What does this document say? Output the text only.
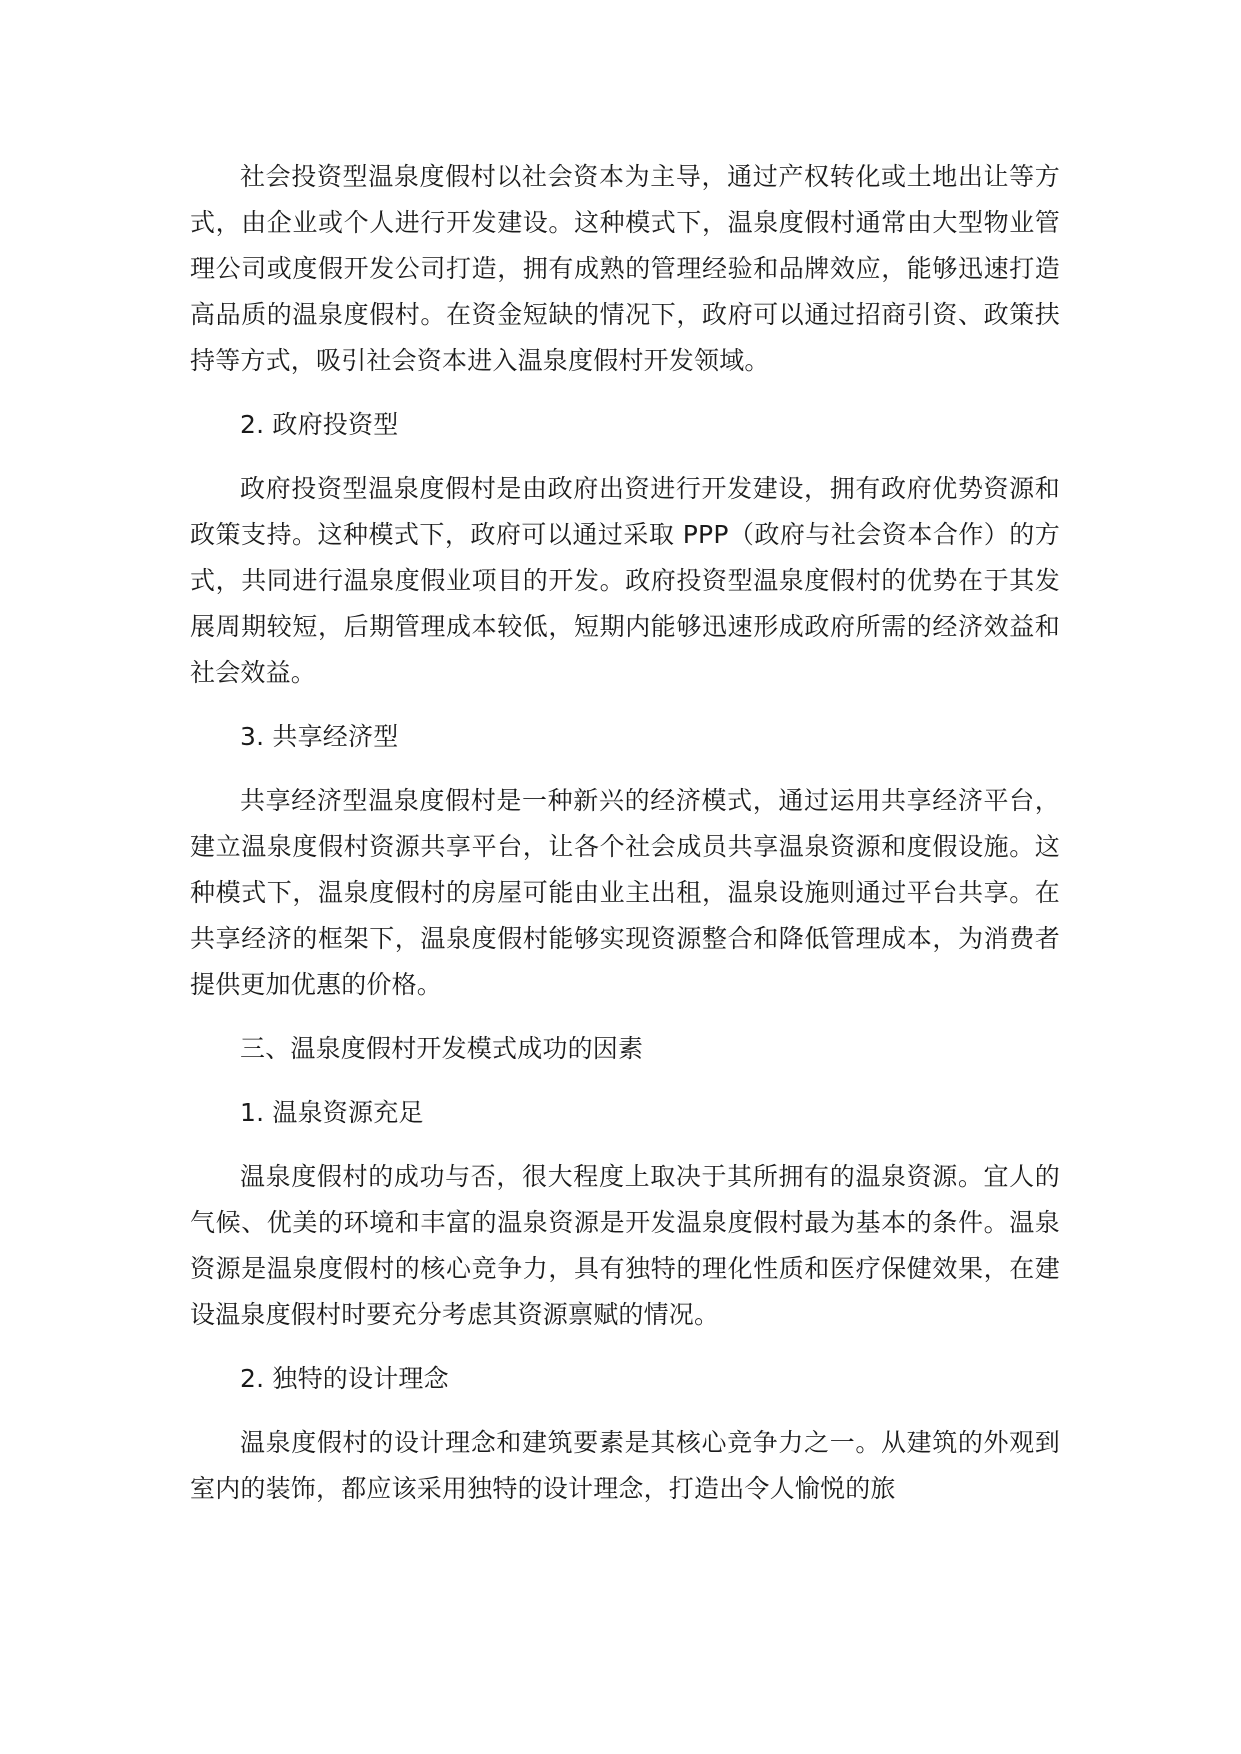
社会投资型温泉度假村以社会资本为主导，通过产权转化或土地出让等方式，由企业或个人进行开发建设。这种模式下，温泉度假村通常由大型物业管理公司或度假开发公司打造，拥有成熟的管理经验和品牌效应，能够迅速打造高品质的温泉度假村。在资金短缺的情况下，政府可以通过招商引资、政策扶持等方式，吸引社会资本进入温泉度假村开发领域。

2. 政府投资型

政府投资型温泉度假村是由政府出资进行开发建设，拥有政府优势资源和政策支持。这种模式下，政府可以通过采取 PPP（政府与社会资本合作）的方式，共同进行温泉度假业项目的开发。政府投资型温泉度假村的优势在于其发展周期较短，后期管理成本较低，短期内能够迅速形成政府所需的经济效益和社会效益。

3. 共享经济型

共享经济型温泉度假村是一种新兴的经济模式，通过运用共享经济平台，建立温泉度假村资源共享平台，让各个社会成员共享温泉资源和度假设施。这种模式下，温泉度假村的房屋可能由业主出租，温泉设施则通过平台共享。在共享经济的框架下，温泉度假村能够实现资源整合和降低管理成本，为消费者提供更加优惠的价格。

三、温泉度假村开发模式成功的因素

1. 温泉资源充足

温泉度假村的成功与否，很大程度上取决于其所拥有的温泉资源。宜人的气候、优美的环境和丰富的温泉资源是开发温泉度假村最为基本的条件。温泉资源是温泉度假村的核心竞争力，具有独特的理化性质和医疗保健效果，在建设温泉度假村时要充分考虑其资源禀赋的情况。

2. 独特的设计理念

温泉度假村的设计理念和建筑要素是其核心竞争力之一。从建筑的外观到室内的装饰，都应该采用独特的设计理念，打造出令人愉悦的旅
